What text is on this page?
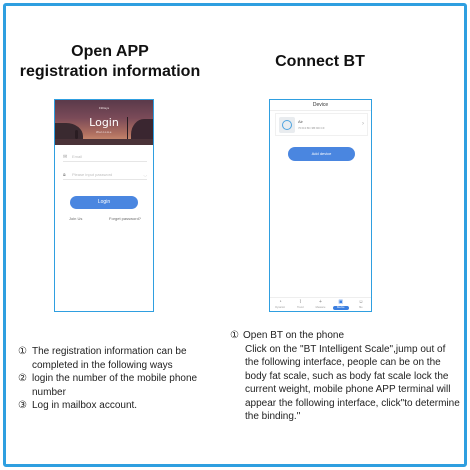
Open APP
registration information
Connect BT
FitDays
Login
Welcome
✉ Email
🔒︎ Please input password	◡
Login
Join Us	Forget password?
Device
Air
70:D4:8C:3B:9D:CF
›
Add device
◔
Dynamic
⌇
Trend
+
Measure
▣
Device
☺
Me
① The registration information can be completed in the following ways
② login the number of the mobile phone number
③ Log in mailbox account.
① Open BT on the phone
Click on the "BT Intelligent Scale",jump out of the following interface, people can be on the body fat scale, such as body fat scale lock the current weight, mobile phone APP terminal will appear the following interface, click"to determine the binding."
